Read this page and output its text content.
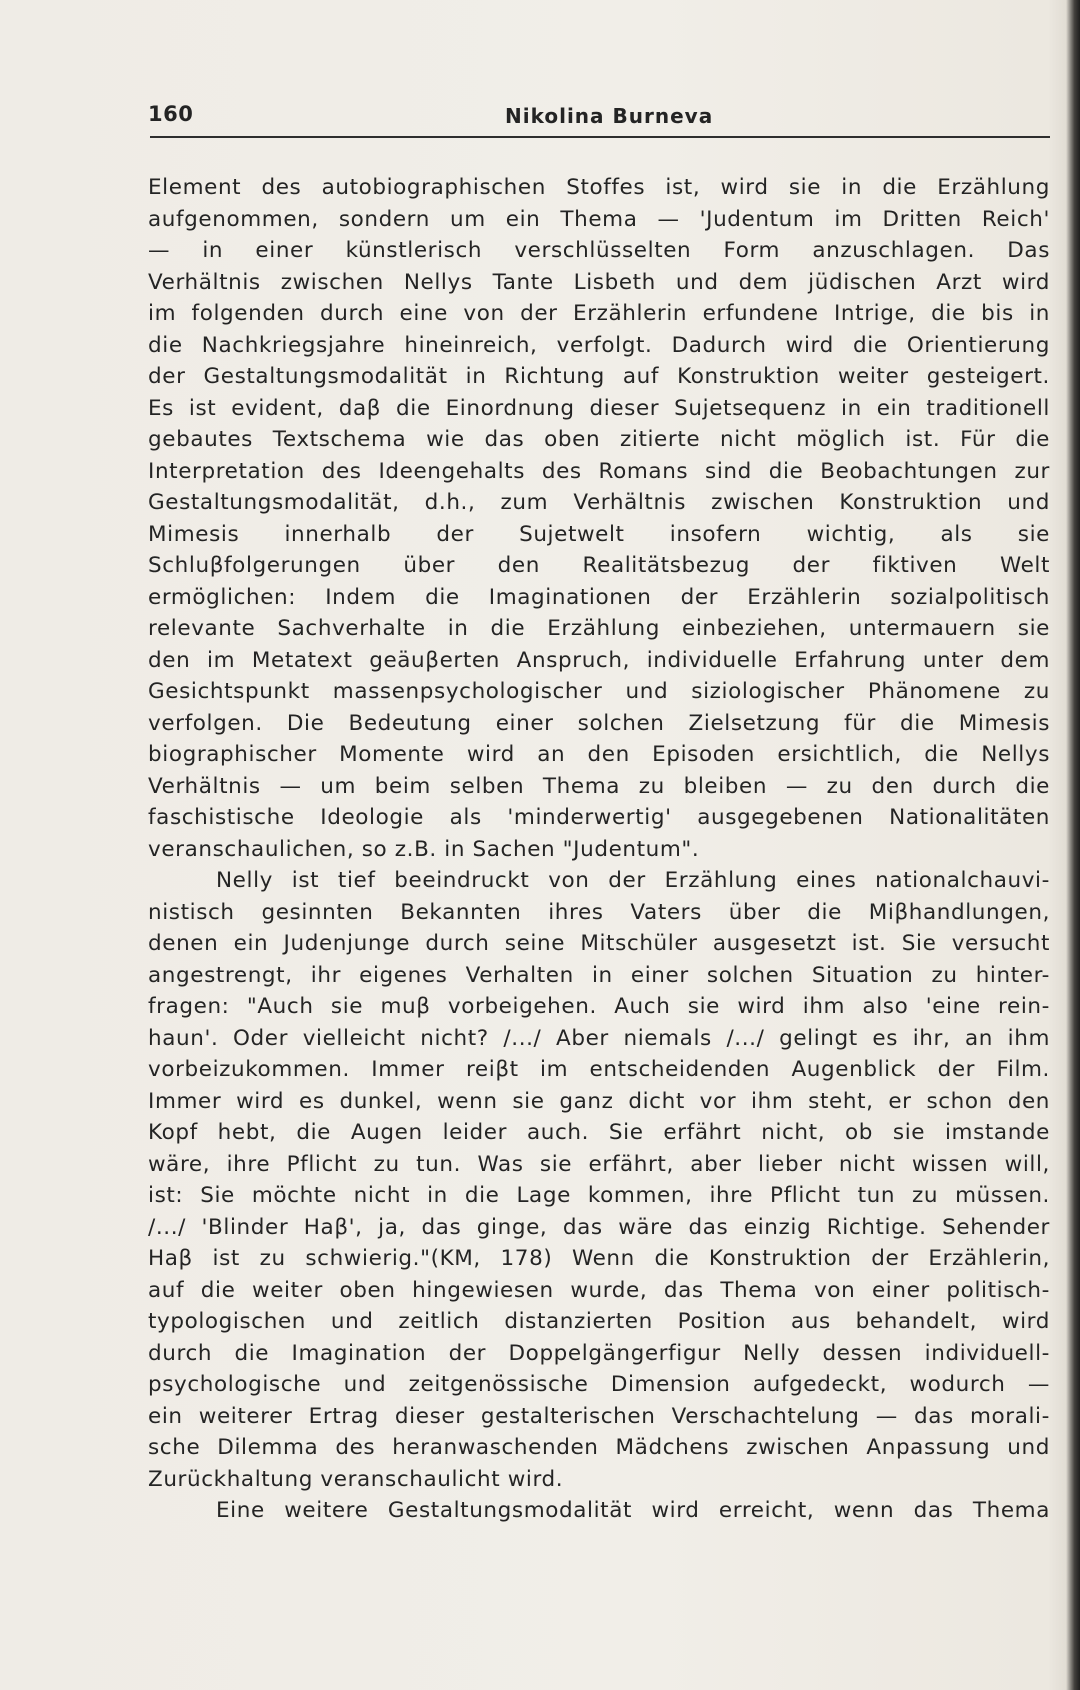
160	Nikolina Burneva
Element des autobiographischen Stoffes ist, wird sie in die Erzählung
aufgenommen, sondern um ein Thema — 'Judentum im Dritten Reich'
— in einer künstlerisch verschlüsselten Form anzuschlagen. Das
Verhältnis zwischen Nellys Tante Lisbeth und dem jüdischen Arzt wird
im folgenden durch eine von der Erzählerin erfundene Intrige, die bis in
die Nachkriegsjahre hineinreich, verfolgt. Dadurch wird die Orientierung
der Gestaltungsmodalität in Richtung auf Konstruktion weiter gesteigert.
Es ist evident, daβ die Einordnung dieser Sujetsequenz in ein traditionell
gebautes Textschema wie das oben zitierte nicht möglich ist. Für die
Interpretation des Ideengehalts des Romans sind die Beobachtungen zur
Gestaltungsmodalität, d.h., zum Verhältnis zwischen Konstruktion und
Mimesis innerhalb der Sujetwelt insofern wichtig, als sie
Schluβfolgerungen über den Realitätsbezug der fiktiven Welt
ermöglichen: Indem die Imaginationen der Erzählerin sozialpolitisch
relevante Sachverhalte in die Erzählung einbeziehen, untermauern sie
den im Metatext geäuβerten Anspruch, individuelle Erfahrung unter dem
Gesichtspunkt massenpsychologischer und siziologischer Phänomene zu
verfolgen. Die Bedeutung einer solchen Zielsetzung für die Mimesis
biographischer Momente wird an den Episoden ersichtlich, die Nellys
Verhältnis — um beim selben Thema zu bleiben — zu den durch die
faschistische Ideologie als 'minderwertig' ausgegebenen Nationalitäten
veranschaulichen, so z.B. in Sachen "Judentum".
Nelly ist tief beeindruckt von der Erzählung eines nationalchauvi-
nistisch gesinnten Bekannten ihres Vaters über die Miβhandlungen,
denen ein Judenjunge durch seine Mitschüler ausgesetzt ist. Sie versucht
angestrengt, ihr eigenes Verhalten in einer solchen Situation zu hinter-
fragen: "Auch sie muβ vorbeigehen. Auch sie wird ihm also 'eine rein-
haun'. Oder vielleicht nicht? /.../ Aber niemals /.../ gelingt es ihr, an ihm
vorbeizukommen. Immer reiβt im entscheidenden Augenblick der Film.
Immer wird es dunkel, wenn sie ganz dicht vor ihm steht, er schon den
Kopf hebt, die Augen leider auch. Sie erfährt nicht, ob sie imstande
wäre, ihre Pflicht zu tun. Was sie erfährt, aber lieber nicht wissen will,
ist: Sie möchte nicht in die Lage kommen, ihre Pflicht tun zu müssen.
/.../ 'Blinder Haβ', ja, das ginge, das wäre das einzig Richtige. Sehender
Haβ ist zu schwierig."(KM, 178) Wenn die Konstruktion der Erzählerin,
auf die weiter oben hingewiesen wurde, das Thema von einer politisch-
typologischen und zeitlich distanzierten Position aus behandelt, wird
durch die Imagination der Doppelgängerfigur Nelly dessen individuell-
psychologische und zeitgenössische Dimension aufgedeckt, wodurch —
ein weiterer Ertrag dieser gestalterischen Verschachtelung — das morali-
sche Dilemma des heranwaschenden Mädchens zwischen Anpassung und
Zurückhaltung veranschaulicht wird.
Eine weitere Gestaltungsmodalität wird erreicht, wenn das Thema
